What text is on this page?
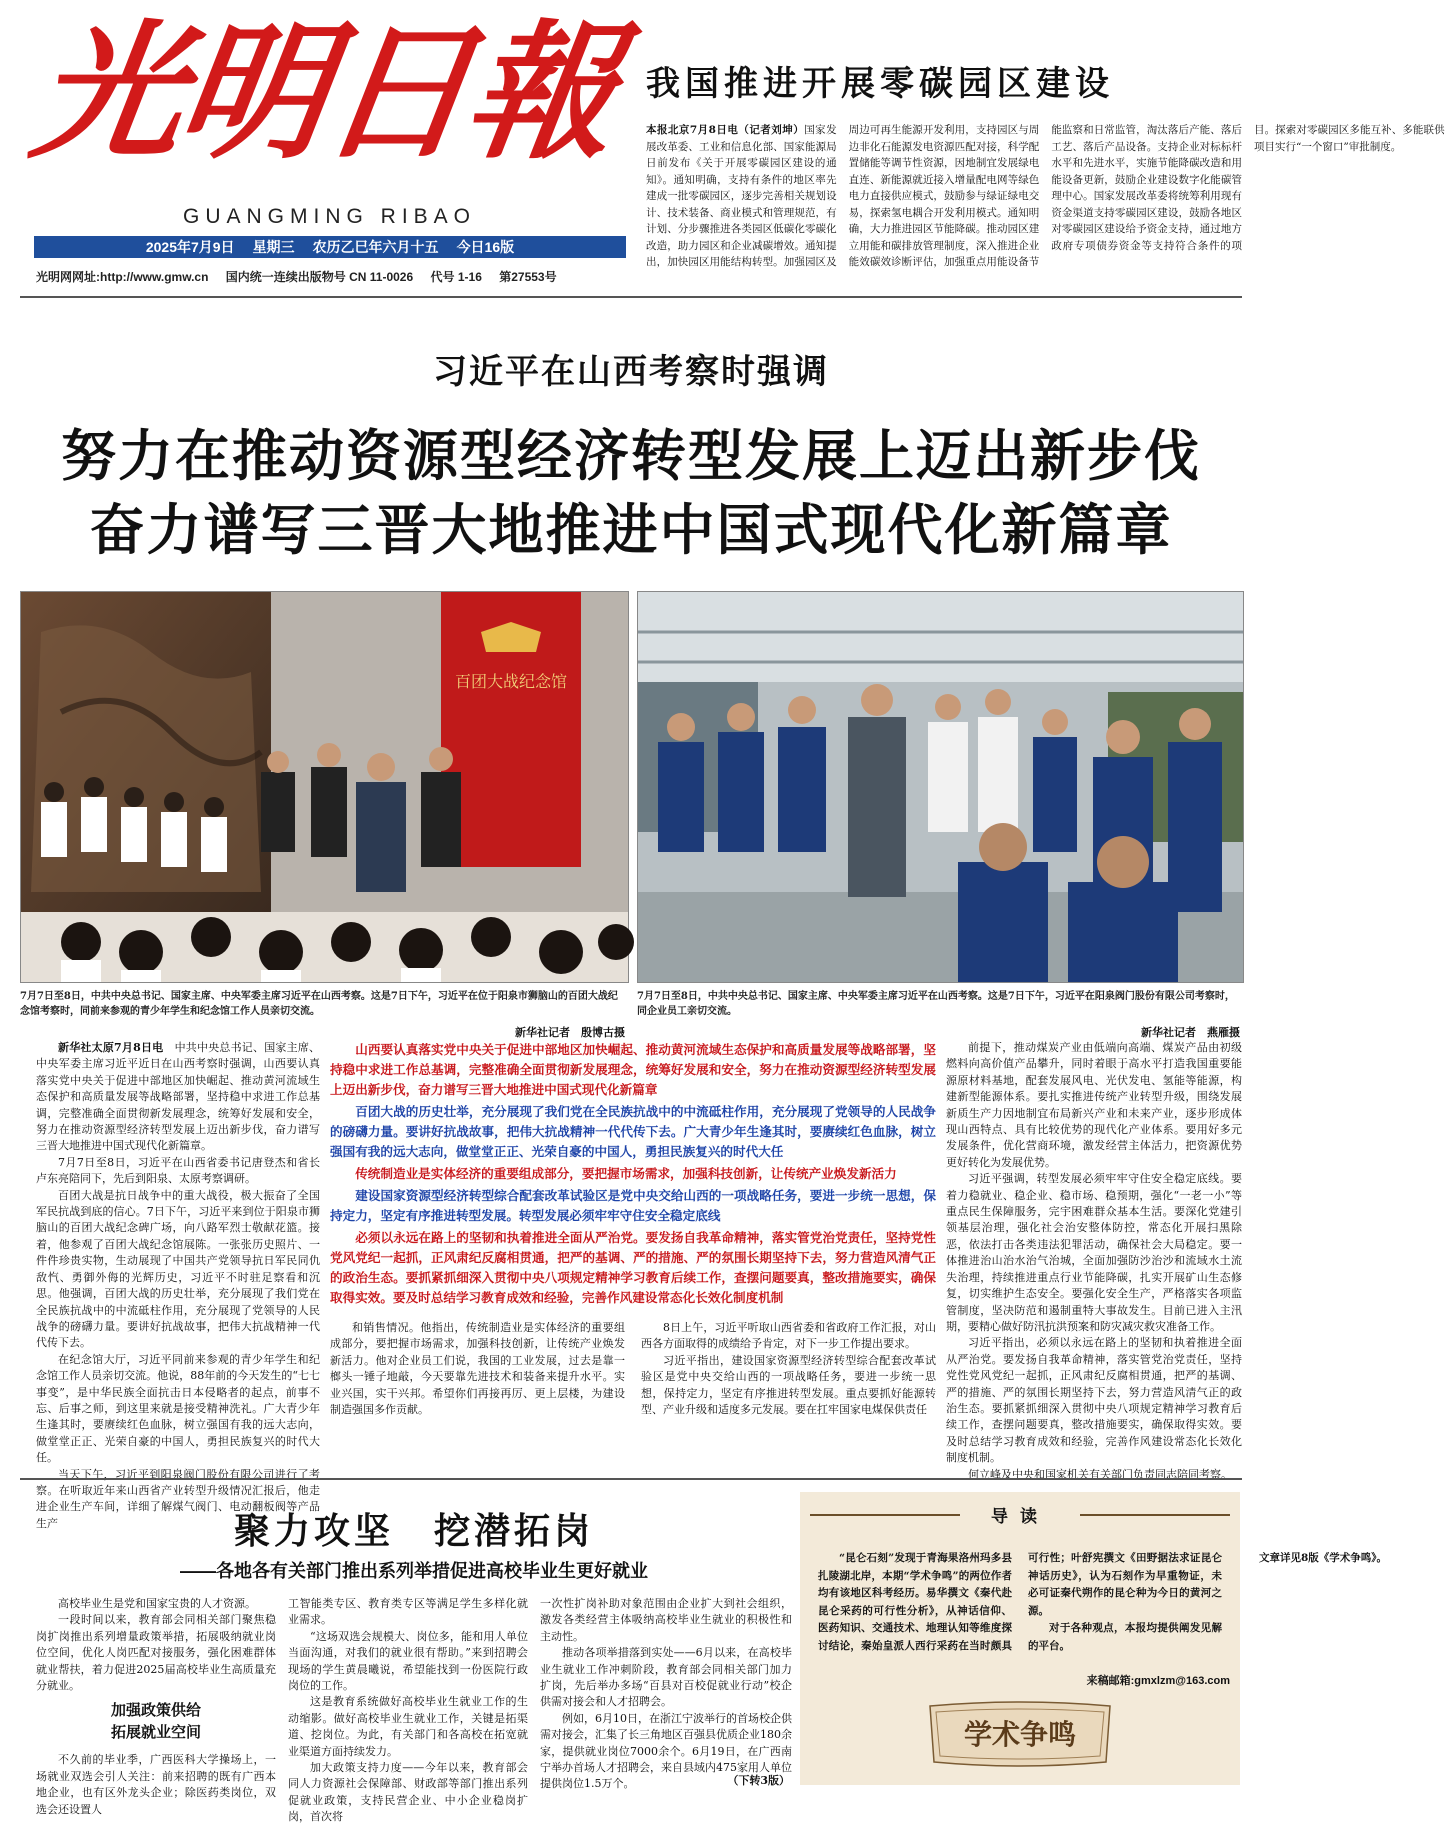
光明日報
GUANGMING RIBAO
2025年7月9日 星期三 农历乙巳年六月十五 今日16版
光明网网址:http://www.gmw.cn 国内统一连续出版物号 CN 11-0026 代号 1-16 第27553号
我国推进开展零碳园区建设
本报北京7月8日电（记者刘坤）国家发展改革委、工业和信息化部、国家能源局日前发布《关于开展零碳园区建设的通知》。通知明确，支持有条件的地区率先建成一批零碳园区，逐步完善相关规划设计、技术装备、商业模式和管理规范，有计划、分步骤推进各类园区低碳化零碳化改造，助力园区和企业减碳增效。通知提出，加快园区用能结构转型。加强园区及周边可再生能源开发利用，支持园区与周边非化石能源发电资源匹配对接，科学配置储能等调节性资源，因地制宜发展绿电直连、新能源就近接入增量配电网等绿色电力直接供应模式，鼓励参与绿证绿电交易，探索氢电耦合开发利用模式。通知明确，大力推进园区节能降碳。推动园区建立用能和碳排放管理制度，深入推进企业能效碳效诊断评估，加强重点用能设备节能监察和日常监管，淘汰落后产能、落后工艺、落后产品设备。支持企业对标标杆水平和先进水平，实施节能降碳改造和用能设备更新，鼓励企业建设数字化能碳管理中心。国家发展改革委将统筹利用现有资金渠道支持零碳园区建设，鼓励各地区对零碳园区建设给予资金支持，通过地方政府专项债券资金等支持符合条件的项目。探索对零碳园区多能互补、多能联供项目实行“一个窗口”审批制度。
习近平在山西考察时强调
努力在推动资源型经济转型发展上迈出新步伐
奋力谱写三晋大地推进中国式现代化新篇章
百团大战纪念馆
7月7日至8日，中共中央总书记、国家主席、中央军委主席习近平在山西考察。这是7日下午，习近平在位于阳泉市狮脑山的百团大战纪念馆考察时，同前来参观的青少年学生和纪念馆工作人员亲切交流。
新华社记者　殷博古摄
7月7日至8日，中共中央总书记、国家主席、中央军委主席习近平在山西考察。这是7日下午，习近平在阳泉阀门股份有限公司考察时，同企业员工亲切交流。
新华社记者　燕雁摄

新华社太原7月8日电　 中共中央总书记、国家主席、中央军委主席习近平近日在山西考察时强调，山西要认真落实党中央关于促进中部地区加快崛起、推动黄河流域生态保护和高质量发展等战略部署，坚持稳中求进工作总基调，完整准确全面贯彻新发展理念，统筹好发展和安全，努力在推动资源型经济转型发展上迈出新步伐，奋力谱写三晋大地推进中国式现代化新篇章。

7月7日至8日，习近平在山西省委书记唐登杰和省长卢东亮陪同下，先后到阳泉、太原考察调研。

百团大战是抗日战争中的重大战役，极大振奋了全国军民抗战到底的信心。7日下午，习近平来到位于阳泉市狮脑山的百团大战纪念碑广场，向八路军烈士敬献花篮。接着，他参观了百团大战纪念馆展陈。一张张历史照片、一件件珍贵实物，生动展现了中国共产党领导抗日军民同仇敌忾、勇御外侮的光辉历史，习近平不时驻足察看和沉思。他强调，百团大战的历史壮举，充分展现了我们党在全民族抗战中的中流砥柱作用，充分展现了党领导的人民战争的磅礴力量。要讲好抗战故事，把伟大抗战精神一代代传下去。

在纪念馆大厅，习近平同前来参观的青少年学生和纪念馆工作人员亲切交流。他说，88年前的今天发生的“七七事变”，是中华民族全面抗击日本侵略者的起点，前事不忘、后事之师，到这里来就是接受精神洗礼。广大青少年生逢其时，要赓续红色血脉，树立强国有我的远大志向，做堂堂正正、光荣自豪的中国人，勇担民族复兴的时代大任。

当天下午，习近平到阳泉阀门股份有限公司进行了考察。在听取近年来山西省产业转型升级情况汇报后，他走进企业生产车间，详细了解煤气阀门、电动翻板阀等产品生产

山西要认真落实党中央关于促进中部地区加快崛起、推动黄河流域生态保护和高质量发展等战略部署，坚持稳中求进工作总基调，完整准确全面贯彻新发展理念，统筹好发展和安全，努力在推动资源型经济转型发展上迈出新步伐，奋力谱写三晋大地推进中国式现代化新篇章

百团大战的历史壮举，充分展现了我们党在全民族抗战中的中流砥柱作用，充分展现了党领导的人民战争的磅礴力量。要讲好抗战故事，把伟大抗战精神一代代传下去。广大青少年生逢其时，要赓续红色血脉，树立强国有我的远大志向，做堂堂正正、光荣自豪的中国人，勇担民族复兴的时代大任

传统制造业是实体经济的重要组成部分，要把握市场需求，加强科技创新，让传统产业焕发新活力

建设国家资源型经济转型综合配套改革试验区是党中央交给山西的一项战略任务，要进一步统一思想，保持定力，坚定有序推进转型发展。转型发展必须牢牢守住安全稳定底线

必须以永远在路上的坚韧和执着推进全面从严治党。要发扬自我革命精神，落实管党治党责任，坚持党性党风党纪一起抓，正风肃纪反腐相贯通，把严的基调、严的措施、严的氛围长期坚持下去，努力营造风清气正的政治生态。要抓紧抓细深入贯彻中央八项规定精神学习教育后续工作，查摆问题要真，整改措施要实，确保取得实效。要及时总结学习教育成效和经验，完善作风建设常态化长效化制度机制

和销售情况。他指出，传统制造业是实体经济的重要组成部分，要把握市场需求，加强科技创新，让传统产业焕发新活力。他对企业员工们说，我国的工业发展，过去是靠一榔头一锤子地敲，今天要靠先进技术和装备来提升水平。实业兴国，实干兴邦。希望你们再接再厉、更上层楼，为建设制造强国多作贡献。

8日上午，习近平听取山西省委和省政府工作汇报，对山西各方面取得的成绩给予肯定，对下一步工作提出要求。

习近平指出，建设国家资源型经济转型综合配套改革试验区是党中央交给山西的一项战略任务，要进一步统一思想，保持定力，坚定有序推进转型发展。重点要抓好能源转型、产业升级和适度多元发展。要在扛牢国家电煤保供责任

前提下，推动煤炭产业由低端向高端、煤炭产品由初级燃料向高价值产品攀升，同时着眼于高水平打造我国重要能源原材料基地，配套发展风电、光伏发电、氢能等能源，构建新型能源体系。要扎实推进传统产业转型升级，围绕发展新质生产力因地制宜布局新兴产业和未来产业，逐步形成体现山西特点、具有比较优势的现代化产业体系。要用好多元发展条件，优化营商环境，激发经营主体活力，把资源优势更好转化为发展优势。

习近平强调，转型发展必须牢牢守住安全稳定底线。要着力稳就业、稳企业、稳市场、稳预期，强化“一老一小”等重点民生保障服务，完宇困难群众基本生活。要深化党建引领基层治理，强化社会治安整体防控，常态化开展扫黑除恶，依法打击各类违法犯罪活动，确保社会大局稳定。要一体推进治山治水治气治城，全面加强防沙治沙和流域水土流失治理，持续推进重点行业节能降碳，扎实开展矿山生态修复，切实维护生态安全。要强化安全生产，严格落实各项监管制度，坚决防范和遏制重特大事故发生。目前已进入主汛期，要精心做好防汛抗洪预案和防灾减灾救灾准备工作。

习近平指出，必须以永远在路上的坚韧和执着推进全面从严治党。要发扬自我革命精神，落实管党治党责任，坚持党性党风党纪一起抓，正风肃纪反腐相贯通，把严的基调、严的措施、严的氛围长期坚持下去，努力营造风清气正的政治生态。要抓紧抓细深入贯彻中央八项规定精神学习教育后续工作，查摆问题要真，整改措施要实，确保取得实效。要及时总结学习教育成效和经验，完善作风建设常态化长效化制度机制。

何立峰及中央和国家机关有关部门负责同志陪同考察。

聚力攻坚　挖潜拓岗
——各地各有关部门推出系列举措促进高校毕业生更好就业

高校毕业生是党和国家宝贵的人才资源。

一段时间以来，教育部会同相关部门聚焦稳岗扩岗推出系列增量政策举措，拓展吸纳就业岗位空间，优化人岗匹配对接服务，强化困难群体就业帮扶，着力促进2025届高校毕业生高质量充分就业。

加强政策供给
拓展就业空间

不久前的毕业季，广西医科大学操场上，一场就业双选会引人关注：前来招聘的既有广西本地企业，也有区外龙头企业；除医药类岗位，双选会还设置人

工智能类专区、教育类专区等满足学生多样化就业需求。

“这场双选会规模大、岗位多，能和用人单位当面沟通，对我们的就业很有帮助。”来到招聘会现场的学生黄晨曦说，希望能找到一份医院行政岗位的工作。

这是教育系统做好高校毕业生就业工作的生动缩影。做好高校毕业生就业工作，关键是拓渠道、挖岗位。为此，有关部门和各高校在拓宽就业渠道方面持续发力。

加大政策支持力度——今年以来，教育部会同人力资源社会保障部、财政部等部门推出系列促就业政策，支持民营企业、中小企业稳岗扩岗，首次将

一次性扩岗补助对象范围由企业扩大到社会组织，激发各类经营主体吸纳高校毕业生就业的积极性和主动性。

推动各项举措落到实处——6月以来，在高校毕业生就业工作冲刺阶段，教育部会同相关部门加力扩岗，先后举办多场“百县对百校促就业行动”校企供需对接会和人才招聘会。

例如，6月10日，在浙江宁波举行的首场校企供需对接会，汇集了长三角地区百强县优质企业180余家，提供就业岗位7000余个。6月19日，在广西南宁举办首场人才招聘会，来自县域内475家用人单位提供岗位1.5万个。	（下转3版）
导读
“昆仑石刻”发现于青海果洛州玛多县扎陵湖北岸，本期“学术争鸣”的两位作者均有该地区科考经历。易华撰文《秦代赴昆仑采药的可行性分析》，从神话信仰、医药知识、交通技术、地理认知等维度探讨结论，秦始皇派人西行采药在当时颇具可行性；叶舒宪撰文《田野据法求证昆仑神话历史》，认为石刻作为早重物证，未必可证秦代朔作的昆仑种为今日的黄河之源。
对于各种观点，本报均提供阐发见解的平台。
文章详见8版《学术争鸣》。
来稿邮箱:gmxlzm@163.com
学术争鸣
